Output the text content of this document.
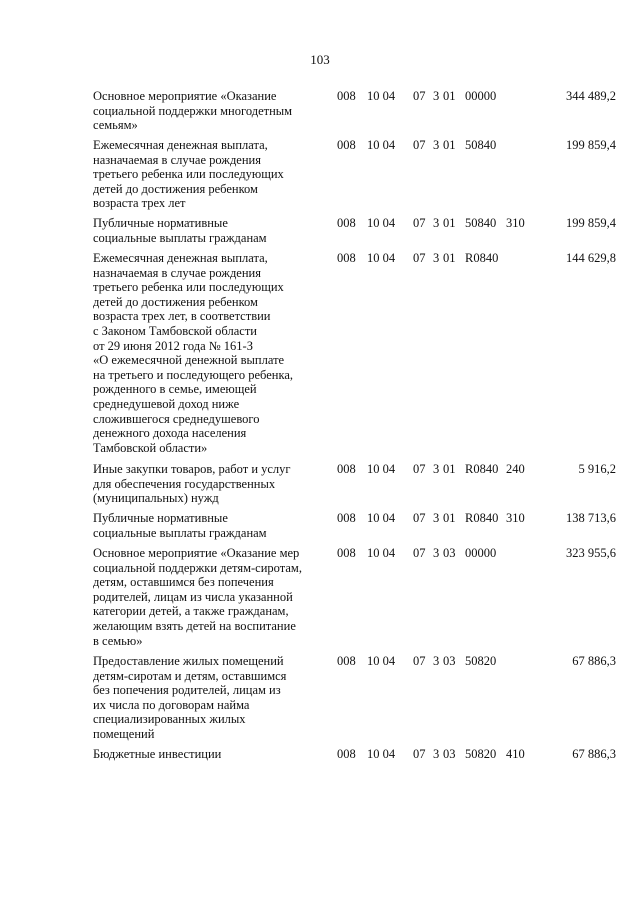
103
Основное мероприятие «Оказание
социальной поддержки многодетным
семьям»
008 10 04 07 3 01 00000	344 489,2
Ежемесячная денежная выплата,
назначаемая в случае рождения
третьего ребенка или последующих
детей до достижения ребенком
возраста трех лет
008 10 04 07 3 01 50840	199 859,4
Публичные нормативные
социальные выплаты гражданам
008 10 04 07 3 01 50840 310	199 859,4
Ежемесячная денежная выплата,
назначаемая в случае рождения
третьего ребенка или последующих
детей до достижения ребенком
возраста трех лет, в соответствии
с Законом Тамбовской области
от 29 июня 2012 года № 161-З
«О ежемесячной денежной выплате
на третьего и последующего ребенка,
рожденного в семье, имеющей
среднедушевой доход ниже
сложившегося среднедушевого
денежного дохода населения
Тамбовской области»
008 10 04 07 3 01 R0840	144 629,8
Иные закупки товаров, работ и услуг
для обеспечения государственных
(муниципальных) нужд
008 10 04 07 3 01 R0840 240	5 916,2
Публичные нормативные
социальные выплаты гражданам
008 10 04 07 3 01 R0840 310	138 713,6
Основное мероприятие «Оказание мер
социальной поддержки детям-сиротам,
детям, оставшимся без попечения
родителей, лицам из числа указанной
категории детей, а также гражданам,
желающим взять детей на воспитание
в семью»
008 10 04 07 3 03 00000	323 955,6
Предоставление жилых помещений
детям-сиротам и детям, оставшимся
без попечения родителей, лицам из
их числа по договорам найма
специализированных жилых
помещений
008 10 04 07 3 03 50820	67 886,3
Бюджетные инвестиции	008 10 04 07 3 03 50820 410	67 886,3
